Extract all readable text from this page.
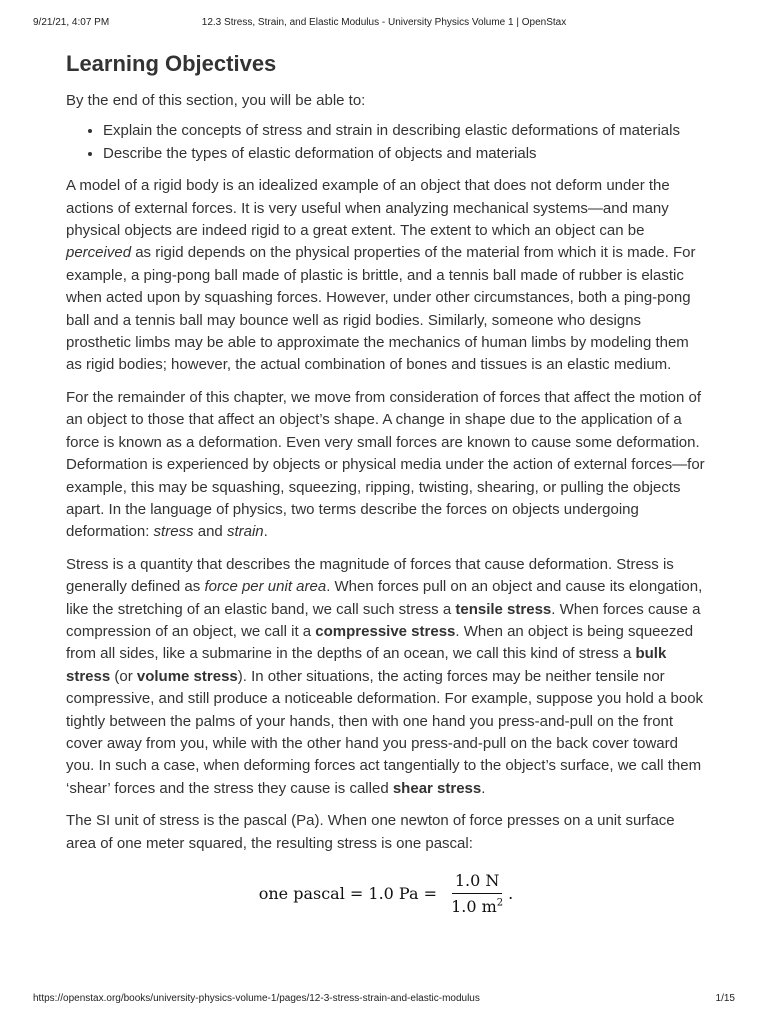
9/21/21, 4:07 PM	12.3 Stress, Strain, and Elastic Modulus - University Physics Volume 1 | OpenStax
Learning Objectives

By the end of this section, you will be able to:

• Explain the concepts of stress and strain in describing elastic deformations of materials
• Describe the types of elastic deformation of objects and materials

A model of a rigid body is an idealized example of an object that does not deform under the actions of external forces. It is very useful when analyzing mechanical systems—and many physical objects are indeed rigid to a great extent. The extent to which an object can be perceived as rigid depends on the physical properties of the material from which it is made. For example, a ping-pong ball made of plastic is brittle, and a tennis ball made of rubber is elastic when acted upon by squashing forces. However, under other circumstances, both a ping-pong ball and a tennis ball may bounce well as rigid bodies. Similarly, someone who designs prosthetic limbs may be able to approximate the mechanics of human limbs by modeling them as rigid bodies; however, the actual combination of bones and tissues is an elastic medium.

For the remainder of this chapter, we move from consideration of forces that affect the motion of an object to those that affect an object’s shape. A change in shape due to the application of a force is known as a deformation. Even very small forces are known to cause some deformation. Deformation is experienced by objects or physical media under the action of external forces—for example, this may be squashing, squeezing, ripping, twisting, shearing, or pulling the objects apart. In the language of physics, two terms describe the forces on objects undergoing deformation: stress and strain.

Stress is a quantity that describes the magnitude of forces that cause deformation. Stress is generally defined as force per unit area. When forces pull on an object and cause its elongation, like the stretching of an elastic band, we call such stress a tensile stress. When forces cause a compression of an object, we call it a compressive stress. When an object is being squeezed from all sides, like a submarine in the depths of an ocean, we call this kind of stress a bulk stress (or volume stress). In other situations, the acting forces may be neither tensile nor compressive, and still produce a noticeable deformation. For example, suppose you hold a book tightly between the palms of your hands, then with one hand you press-and-pull on the front cover away from you, while with the other hand you press-and-pull on the back cover toward you. In such a case, when deforming forces act tangentially to the object’s surface, we call them ‘shear’ forces and the stress they cause is called shear stress.

The SI unit of stress is the pascal (Pa). When one newton of force presses on a unit surface area of one meter squared, the resulting stress is one pascal:

one pascal = 1.0 $Pa = \frac{1.0 N}{1.0 m^2}$ .
https://openstax.org/books/university-physics-volume-1/pages/12-3-stress-strain-and-elastic-modulus	1/15
